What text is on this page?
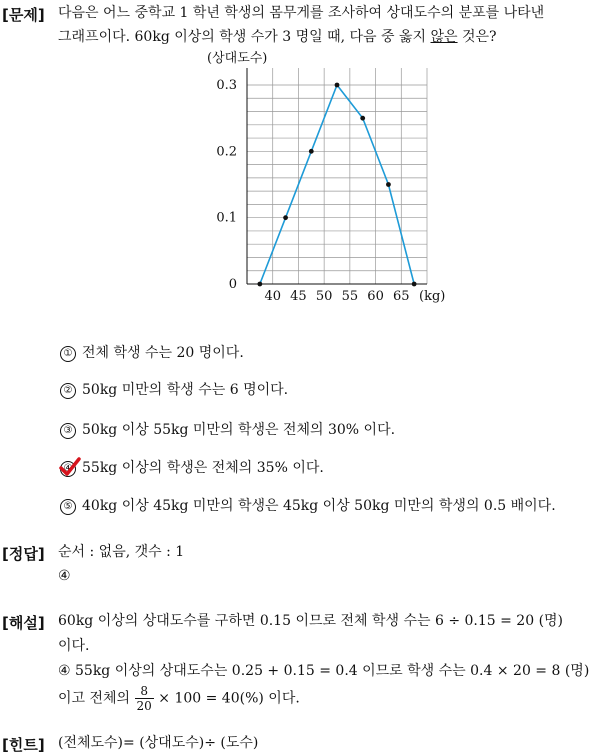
[문제] 다음은 어느 중학교 1 학년 학생의 몸무게를 조사하여 상대도수의 분포를 나타낸
그래프이다. 60kg 이상의 학생 수가 3 명일 때, 다음 중 옳지 않은 것은?
0
0.1
0.2
0.3
40 45 50 55 60 65
(상대도수)
(kg)
① 전체 학생 수는 20 명이다.
② 50kg 미만의 학생 수는 6 명이다.
③ 50kg 이상 55kg 미만의 학생은 전체의 30% 이다.
④ 55kg 이상의 학생은 전체의 35% 이다.
⑤ 40kg 이상 45kg 미만의 학생은 45kg 이상 50kg 미만의 학생의 0.5 배이다.
[정답] 순서 : 없음, 갯수 : 1
④
[해설] 60kg 이상의 상대도수를 구하면 0.15 이므로 전체 학생 수는 6 ÷ 0.15 = 20 (명)
이다.
④ 55kg 이상의 상대도수는 0.25 + 0.15 = 0.4 이므로 학생 수는 0.4 × 20 = 8 (명)
이고 전체의 $\frac{8}{20} \times 100 = 40(\%)$ 이다.
[힌트] (전체도수)= (상대도수)÷ (도수)
